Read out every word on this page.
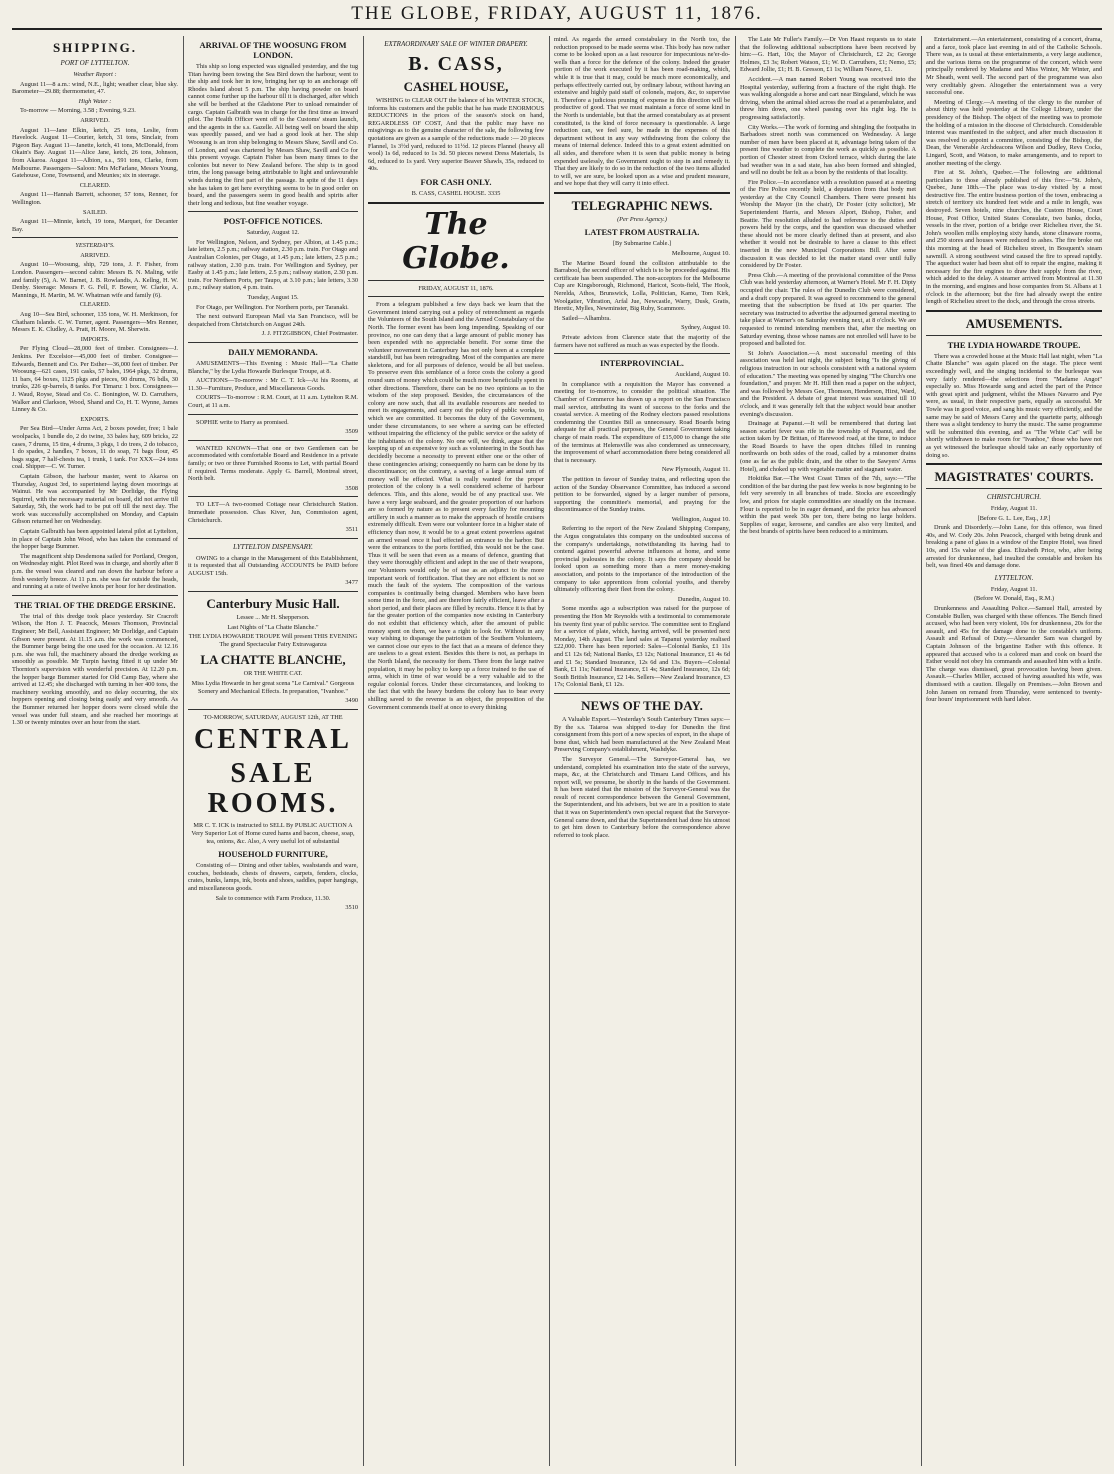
THE GLOBE, FRIDAY, AUGUST 11, 1876.
SHIPPING.
PORT OF LYTTELTON.

Weather Report :

August 11—8 a.m.: wind, N.E., light; weather clear, blue sky. Barometer—29.88; thermometer, 47.

High Water :

To-morrow — Morning, 3.58 ; Evening, 9.23.

ARRIVED.

August 11—Jane Elkin, ketch, 25 tons, Leslie, from Havelock. August 11—Courier, ketch, 31 tons, Sinclair, from Pigeon Bay. August 11—Janette, ketch, 41 tons, McDonald, from Okain's Bay. August 11—Alice Jane, ketch, 26 tons, Johnson, from Akaroa. August 11—Albion, s.s., 591 tons, Clarke, from Melbourne. Passengers—Saloon: Mrs McFarlane, Messrs Young, Gatehouse, Cone, Townsend, and Meunies; six in steerage.

CLEARED.

August 11—Hannah Barrett, schooner, 57 tons, Renner, for Wellington.

SAILED.

August 11—Minnie, ketch, 19 tons, Marquet, for Decanter Bay.

YESTERDAY'S.

ARRIVED.

August 10—Woosung, ship, 729 tons, J. F. Fisher, from London. Passengers—second cabin: Messrs B. N. Maling, wife and family (5), A. W. Barnet, J. B. Rowlandis, A. Kellng, H. W. Denby. Steerage: Messrs F. G. Fell, F. Bower, W. Clarke, A. Mannings, H. Martin, M. W. Whatman wife and family (6).

CLEARED.

Aug 10—Sea Bird, schooner, 135 tons, W. H. Merkinson, for Chatham Islands. C. W. Turner, agent. Passengers—Mrs Renner, Messrs E. K. Cludley, A. Pratt, H. Moore, M. Sherwin.

IMPORTS.

Per Flying Cloud—28,000 feet of timber. Consignees—J. Jenkins. Per Excelsior—45,000 feet of timber. Consignee—Edwards, Bennett and Co. Per Esther—36,000 feet of timber. Per Woosung—621 cases, 191 casks, 57 bales, 1964 pkgs, 32 drums, 11 bars, 64 boxes, 1125 pkgs and pieces, 90 drums, 76 bdls, 30 trunks, 226 qr-barrels, 8 tanks. For Timaru: 1 box. Consignees—J. Waud, Royse, Stead and Co. C. Bonington, W. D. Carruthers, Walker and Clarkson, Wood, Shand and Co, H. T. Wynne, James Linney & Co.

EXPORTS.

Per Sea Bird—Under Arms Act, 2 boxes powder, free; 1 bale woolpacks, 1 bundle do, 2 do twine, 33 bales hay, 609 bricks, 22 cases, 7 drums, 15 tins, 4 drums, 3 pkgs, 1 do trees, 2 do tobacco, 1 do spades, 2 handles, 7 boxes, 11 do soap, 71 bags flour, 45 bags sugar, 7 half-chests tea, 1 trunk, 1 tank. For XXX—24 tons coal. Shipper—C. W. Turner.

Captain Gibson, the harbour master, went to Akaroa on Thursday, August 3rd, to superintend laying down moorings at Wainui. He was accompanied by Mr Dorlidge, the Flying Squirrel, with the necessary material on board, did not arrive till Saturday, 5th, the work had to be put off till the next day. The work was successfully accomplished on Monday, and Captain Gibson returned her on Wednesday.

Captain Galbraith has been appointed lateral pilot at Lyttelton, in place of Captain John Wood, who has taken the command of the hopper barge Bummer.

The magnificent ship Desdemona sailed for Portland, Oregon, on Wednesday night. Pilot Reed was in charge, and shortly after 8 p.m. the vessel was cleared and ran down the harbour before a fresh westerly breeze. At 11 p.m. she was far outside the heads, and running at a rate of twelve knots per hour for her destination.

THE TRIAL OF THE DREDGE ERSKINE.

The trial of this dredge took place yesterday. Sir Cracroft Wilson, the Hon J. T. Peacock, Messrs Thomson, Provincial Engineer; Mr Bell, Assistant Engineer; Mr Dorlidge, and Captain Gibson were present. At 11.15 a.m. the work was commenced, the Bummer barge being the one used for the occasion. At 12.16 p.m. she was full, the machinery aboard the dredge working as smoothly as possible. Mr Turpin having fitted it up under Mr Thornton's supervision with wonderful precision. At 12.20 p.m. the hopper barge Bummer started for Old Camp Bay, where she arrived at 12.45; she discharged with turning in her 400 tons, the machinery working smoothly, and no delay occurring, the six hoppers opening and closing being easily and very smooth. As the Bummer returned her hopper doors were closed while the vessel was under full steam, and she reached her moorings at 1.30 or twenty minutes over an hour from the start.

ARRIVAL OF THE WOOSUNG FROM LONDON.

This ship so long expected was signalled yesterday, and the tug Titan having been towing the Sea Bird down the harbour, went to the ship and took her in tow, bringing her up to an anchorage off Rhodes Island about 5 p.m. The ship having powder on board cannot come further up the harbour till it is discharged, after which she will be berthed at the Gladstone Pier to unload remainder of cargo. Captain Galbraith was in charge for the first time as inward pilot. The Health Officer went off to the Customs' steam launch, and the agents in the s.s. Gazelle. All being well on board the ship was speedily passed, and we had a good look at her. The ship Woosung is an iron ship belonging to Messrs Shaw, Savill and Co. of London, and was chartered by Messrs Shaw, Savill and Co for this present voyage. Captain Fisher has been many times to the colonies but never to New Zealand before. The ship is in good trim, the long passage being attributable to light and unfavourable winds during the first part of the passage. In spite of the 11 days she has taken to get here everything seems to be in good order on board, and the passengers seem in good health and spirits after their long and tedious, but fine weather voyage.

POST-OFFICE NOTICES.

Saturday, August 12.

For Wellington, Nelson, and Sydney, per Albion, at 1.45 p.m.; late letters, 2.5 p.m.; railway station, 2.30 p.m. train. For Otago and Australian Colonies, per Otago, at 1.45 p.m.; late letters, 2.5 p.m.; railway station, 2.30 p.m. train. For Wellington and Sydney, per Easby at 1.45 p.m.; late letters, 2.5 p.m.; railway station, 2.30 p.m. train. For Northern Ports, per Taupo, at 3.10 p.m.; late letters, 3.30 p.m.; railway station, 4 p.m. train.

Tuesday, August 15.

For Otago, per Wellington. For Northern ports, per Taranaki.

The next outward European Mail via San Francisco, will be despatched from Christchurch on August 24th.

J. J. FITZGIBBON, Chief Postmaster.

DAILY MEMORANDA.

AMUSEMENTS—This Evening : Music Hall—"La Chatte Blanche," by the Lydia Howarde Burlesque Troupe, at 8.

AUCTIONS—To-morrow : Mr C. T. Ick—At his Rooms, at 11.30—Furniture, Produce, and Miscellaneous Goods.

COURTS—To-morrow : R.M. Court, at 11 a.m. Lyttelton R.M. Court, at 11 a.m.

SOPHIE write to Harry as promised.

3509

WANTED KNOWN—That one or two Gentlemen can be accommodated with comfortable Board and Residence in a private family; or two or three Furnished Rooms to Let, with partial Board if required. Terms moderate. Apply G. Barrell, Montreal street, North belt.

3508

TO LET—A two-roomed Cottage near Christchurch Station. Immediate possession. Chas Kiver, Jun, Commission agent, Christchurch.

3511

LYTTELTON DISPENSARY.

OWING to a change in the Management of this Establishment, it is requested that all Outstanding ACCOUNTS be PAID before AUGUST 15th.

3477

Canterbury Music Hall.

Lessee ... Mr H. Shepperson.

Last Nights of "La Chatte Blanche."

THE LYDIA HOWARDE TROUPE Will present THIS EVENING The grand Spectacular Fairy Extravaganza

LA CHATTE BLANCHE,

OR THE WHITE CAT.

Miss Lydia Howarde in her great scena "Le Carnival." Gorgeous Scenery and Mechanical Effects. In preparation, "Ivanhoe."

3490

TO-MORROW, SATURDAY, AUGUST 12th, AT THE

CENTRAL
SALE ROOMS.

MR C. T. ICK is instructed to SELL By PUBLIC AUCTION A Very Superior Lot of Home cured hams and bacon, cheese, soap, tea, onions, &c. Also, A very useful lot of substantial

HOUSEHOLD FURNITURE,

Consisting of— Dining and other tables, washstands and ware, couches, bedsteads, chests of drawers, carpets, fenders, clocks, crates, bunks, lamps, ink, boots and shoes, saddles, paper hangings, and miscellaneous goods.

Sale to commence with Farm Produce, 11.30.

3510

EXTRAORDINARY SALE OF WINTER DRAPERY.
B. CASS,
CASHEL HOUSE,

WISHING to CLEAR OUT the balance of his WINTER STOCK, informs his customers and the public that he has made ENORMOUS REDUCTIONS in the prices of the season's stock on hand, REGARDLESS OF COST, And that the public may have no misgivings as to the genuine character of the sale, the following few quotations are given as a sample of the reductions made :— 20 pieces Flannel, 1s 3½d yard, reduced to 11½d. 12 pieces Flannel (heavy all wool) 1s 6d, reduced to 1s 3d. 50 pieces newest Dress Materials, 1s 6d, reduced to 1s yard. Very superior Beaver Shawls, 35s, reduced to 40s.

FOR CASH ONLY.

B. CASS, CASHEL HOUSE. 3335

The Globe.

FRIDAY, AUGUST 11, 1876.

From a telegram published a few days back we learn that the Government intend carrying out a policy of retrenchment as regards the Volunteers of the South Island and the Armed Constabulary of the North. The former event has been long impending. Speaking of our province, no one can deny that a large amount of public money has been expended with no appreciable benefit. For some time the volunteer movement in Canterbury has not only been at a complete standstill, but has been retrograding. Most of the companies are mere skeletons, and for all purposes of defence, would be all but useless. To preserve even this semblance of a force costs the colony a good round sum of money which could be much more beneficially spent in other directions. Therefore, there can be no two opinions as to the wisdom of the step proposed. Besides, the circumstances of the colony are now such, that all its available resources are needed to meet its engagements, and carry out the policy of public works, to which we are committed. It becomes the duty of the Government, under these circumstances, to see where a saving can be effected without impairing the efficiency of the public service or the safety of the inhabitants of the colony. No one will, we think, argue that the keeping up of an expensive toy such as volunteering in the South has decidedly become a necessity to prevent either one or the other of these contingencies arising; consequently no harm can be done by its discontinuance; on the contrary, a saving of a large annual sum of money will be effected. What is really wanted for the proper protection of the colony is a well considered scheme of harbour defences. This, and this alone, would be of any practical use. We have a very large seaboard, and the greater proportion of our harbors are so formed by nature as to present every facility for mounting artillery in such a manner as to make the approach of hostile cruisers extremely difficult. Even were our volunteer force in a higher state of efficiency than now, it would be to a great extent powerless against an armed vessel once it had effected an entrance to the harbor. But were the entrances to the ports fortified, this would not be the case. Thus it will be seen that even as a means of defence, granting that they were thoroughly efficient and adept in the use of their weapons, our Volunteers would only be of use as an adjunct to the more important work of fortification. That they are not efficient is not so much the fault of the system. The composition of the various companies is continually being changed. Members who have been some time in the force, and are therefore fairly efficient, leave after a short period, and their places are filled by recruits. Hence it is that by far the greater portion of the companies now existing in Canterbury do not exhibit that efficiency which, after the amount of public money spent on them, we have a right to look for. Without in any way wishing to disparage the patriotism of the Southern Volunteers, we cannot close our eyes to the fact that as a means of defence they are useless to a great extent. Besides this there is not, as perhaps in the North Island, the necessity for them. There from the large native population, it may be policy to keep up a force trained to the use of arms, which in time of war would be a very valuable aid to the regular colonial forces. Under these circumstances, and looking to the fact that with the heavy burdens the colony has to bear every shilling saved to the revenue is an object, the proposition of the Government commends itself at once to every thinking

mind. As regards the armed constabulary in the North too, the reduction proposed to be made seems wise. This body has now rather come to be looked upon as a last resource for impecunious ne'er-do-wells than a force for the defence of the colony. Indeed the greater portion of the work executed by it has been road-making, which, while it is true that it may, could be much more economically, and perhaps effectively carried out, by ordinary labour, without having an extensive and highly paid staff of colonels, majors, &c, to supervise it. Therefore a judicious pruning of expense in this direction will be productive of good. That we must maintain a force of some kind in the North is undeniable, but that the armed constabulary as at present constituted, is the kind of force necessary is questionable. A large reduction can, we feel sure, be made in the expenses of this department without in any way withdrawing from the colony the means of internal defence. Indeed this to a great extent admitted on all sides, and therefore when it is seen that public money is being expended uselessly, the Government ought to step in and remedy it. That they are likely to do so in the reduction of the two items alluded to will, we are sure, be looked upon as a wise and prudent measure, and we hope that they will carry it into effect.

TELEGRAPHIC NEWS.

(Per Press Agency.)

LATEST FROM AUSTRALIA.

[By Submarine Cable.]

Melbourne, August 10.

The Marine Board found the collision attributable to the Barrabool, the second officer of which is to be proceeded against. His certificate has been suspended. The non-acceptors for the Melbourne Cup are Kingsborough, Richmond, Haricot, Scots-field, The Hook, Nerelda, Athos, Brunswick, Lolla, Politician, Kamo, Tom Kirk, Woolgatier, Vibration, Arfal Jue, Newcastle, Warry, Dusk, Gratis, Heretic, Mylles, Newminster, Big Ruby, Scammore.

Sailed—Alhambra.

Sydney, August 10.

Private advices from Clarence state that the majority of the farmers have not suffered as much as was expected by the floods.

INTERPROVINCIAL.

Auckland, August 10.

In compliance with a requisition the Mayor has convened a meeting for to-morrow, to consider the political situation. The Chamber of Commerce has drawn up a report on the San Francisco mail service, attributing its want of success to the forks and the coastal service. A meeting of the Rodney electors passed resolutions condemning the Counties Bill as unnecessary. Road Boards being adequate for all practical purposes, the General Government taking charge of main roads. The expenditure of £15,000 to change the site of the terminus at Helensville was also condemned as unnecessary, the improvement of wharf accommodation there being considered all that is necessary.

New Plymouth, August 11.

The petition in favour of Sunday trains, and reflecting upon the action of the Sunday Observance Committee, has induced a second petition to be forwarded, signed by a larger number of persons, supporting the committee's memorial, and praying for the discontinuance of the Sunday trains.

Wellington, August 10.

Referring to the report of the New Zealand Shipping Company, the Argus congratulates this company on the undoubted success of the company's undertakings, notwithstanding its having had to contend against powerful adverse influences at home, and some provincial jealousies in the colony. It says the company should be looked upon as something more than a mere money-making association, and points to the importance of the introduction of the company to take apprentices from colonial youths, and thereby ultimately officering their fleet from the colony.

Dunedin, August 10.

Some months ago a subscription was raised for the purpose of presenting the Hon Mr Reynolds with a testimonial to commemorate his twenty first year of public service. The committee sent to England for a service of plate, which, having arrived, will be presented next Monday, 14th August. The land sales at Tapanui yesterday realised £22,000. There has been reported: Sales—Colonial Banks, £1 11s and £1 12s 6d; National Banks, £3 12s; National Insurance, £1 4s 6d and £1 5s; Standard Insurance, 12s 6d and 13s. Buyers—Colonial Bank, £1 11s; National Insurance, £1 4s; Standard Insurance, 12s 6d; South British Insurance, £2 14s. Sellers—New Zealand Insurance, £3 17s; Colonial Bank, £1 12s.

NEWS OF THE DAY.

A Valuable Export.—Yesterday's South Canterbury Times says:—By the s.s. Taiaroa was shipped to-day for Dunedin the first consignment from this port of a new species of export, in the shape of bone dust, which had been manufactured at the New Zealand Meat Preserving Company's establishment, Washdyke.

The Surveyor General.—The Surveyor-General has, we understand, completed his examination into the state of the surveys, maps, &c, at the Christchurch and Timaru Land Offices, and his report will, we presume, be shortly in the hands of the Government. It has been stated that the mission of the Surveyor-General was the result of recent correspondence between the General Government, the Superintendent, and his advisers, but we are in a position to state that it was on Superintendent's own special request that the Surveyor-General came down, and that the Superintendent had done his utmost to get him down to Canterbury before the correspondence above referred to took place.

The Late Mr Fuller's Family.—Dr Von Haast requests us to state that the following additional subscriptions have been received by him:—G. Hart, 10s; the Mayor of Christchurch, £2 2s; George Holmes, £3 3s; Robert Watson, £1; W. D. Carruthers, £1; Nemo, £5; Edward Jollie, £1; H. B. Gresson, £1 1s; William Neave, £1.

Accident.—A man named Robert Young was received into the Hospital yesterday, suffering from a fracture of the right thigh. He was walking alongside a horse and cart near Bingsland, which he was driving, when the animal shied across the road at a perambulator, and threw him down, one wheel passing over his right leg. He is progressing satisfactorily.

City Works.—The work of forming and shingling the footpaths in Barbadoes street north was commenced on Wednesday. A large number of men have been placed at it, advantage being taken of the present fine weather to complete the work as quickly as possible. A portion of Chester street from Oxford terrace, which during the late bad weather was in a sad state, has also been formed and shingled, and will no doubt be felt as a boon by the residents of that locality.

Fire Police.—In accordance with a resolution passed at a meeting of the Fire Police recently held, a deputation from that body met yesterday at the City Council Chambers. There were present his Worship the Mayor (in the chair), Dr Foster (city solicitor), Mr Superintendent Harris, and Messrs Alport, Bishop, Fisher, and Beattie. The resolution alluded to had reference to the duties and powers held by the corps, and the question was discussed whether these should not be more clearly defined than at present, and also whether it would not be desirable to have a clause to this effect inserted in the new Municipal Corporations Bill. After some discussion it was decided to let the matter stand over until fully considered by Dr Foster.

Press Club.—A meeting of the provisional committee of the Press Club was held yesterday afternoon, at Warner's Hotel. Mr F. H. Dipty occupied the chair. The rules of the Dunedin Club were considered, and a draft copy prepared. It was agreed to recommend to the general meeting that the subscription be fixed at 10s per quarter. The secretary was instructed to advertise the adjourned general meeting to take place at Warner's on Saturday evening next, at 8 o'clock. We are requested to remind intending members that, after the meeting on Saturday evening, those whose names are not enrolled will have to be proposed and balloted for.

St John's Association.—A most successful meeting of this association was held last night, the subject being "Is the giving of religious instruction in our schools consistent with a national system of education." The meeting was opened by singing "The Church's one foundation," and prayer. Mr H. Hill then read a paper on the subject, and was followed by Messrs Gee, Thomson, Henderson, Hirst, Ward, and the President. A debate of great interest was sustained till 10 o'clock, and it was generally felt that the subject would bear another evening's discussion.

Drainage at Papanui.—It will be remembered that during last season scarlet fever was rife in the township of Papanui, and the action taken by Dr Brittan, of Harewood road, at the time, to induce the Road Boards to have the open ditches filled in running northwards on both sides of the road, called by a misnomer drains (one as far as the public drain, and the other to the Sawyers' Arms Hotel), and choked up with vegetable matter and stagnant water.

Hokitika Bar.—The West Coast Times of the 7th, says:—"The condition of the bar during the past few weeks is now beginning to be felt very severely in all branches of trade. Stocks are exceedingly low, and prices for staple commodities are steadily on the increase. Flour is reported to be in eager demand, and the price has advanced within the past week 30s per ton, there being no large holders. Supplies of sugar, kerosene, and candles are also very limited, and the best brands of spirits have been reduced to a minimum.

Entertainment.—An entertainment, consisting of a concert, drama, and a farce, took place last evening in aid of the Catholic Schools. There was, as is usual at these entertainments, a very large audience, and the various items on the programme of the concert, which were principally rendered by Madame and Miss Winter, Mr Winter, and Mr Sheath, went well. The second part of the programme was also very creditably given. Altogether the entertainment was a very successful one.

Meeting of Clergy.—A meeting of the clergy to the number of about thirty was held yesterday at the College Library, under the presidency of the Bishop. The object of the meeting was to promote the holding of a mission in the diocese of Christchurch. Considerable interest was manifested in the subject, and after much discussion it was resolved to appoint a committee, consisting of the Bishop, the Dean, the Venerable Archdeacons Wilson and Dudley, Revs Cocks, Lingard, Scott, and Watson, to make arrangements, and to report to another meeting of the clergy.

Fire at St. John's, Quebec.—The following are additional particulars to those already published of this fire:—"St. John's, Quebec, June 18th.—The place was to-day visited by a most destructive fire. The entire business portion of the town, embracing a stretch of territory six hundred feet wide and a mile in length, was destroyed. Seven hotels, nine churches, the Custom House, Court House, Post Office, United States Consulate, two banks, docks, vessels in the river, portion of a bridge over Richelieu river, the St. John's woollen mills employing sixty hands, stone clinaware rooms, and 250 stores and houses were reduced to ashes. The fire broke out this morning at the head of Richelieu street, in Bosquent's steam sawmill. A strong southwest wind caused the fire to spread rapidly. The aqueduct water had been shut off to repair the engine, making it necessary for the fire engines to draw their supply from the river, which added to the delay. A steamer arrived from Montreal at 11.30 in the morning, and engines and hose companies from St. Albans at 1 o'clock in the afternoon; but the fire had already swept the entire length of Richelieu street to the dock, and through the cross streets.

AMUSEMENTS.
THE LYDIA HOWARDE TROUPE.

There was a crowded house at the Music Hall last night, when "La Chatte Blanche" was again placed on the stage. The piece went exceedingly well, and the singing incidental to the burlesque was very fairly rendered—the selections from "Madame Angot" especially so. Miss Howarde sang and acted the part of the Prince with great spirit and judgment, whilst the Misses Navarro and Pye were, as usual, in their respective parts, equally as successful. Mr Towle was in good voice, and sang his music very efficiently, and the same may be said of Messrs Carey and the quartette party, although there was a slight tendency to hurry the music. The same programme will be submitted this evening, and as "The White Cat" will be shortly withdrawn to make room for "Ivanhoe," those who have not as yet witnessed the burlesque should take an early opportunity of doing so.

MAGISTRATES' COURTS.
CHRISTCHURCH.

Friday, August 11.

[Before G. L. Lee, Esq., J.P.]

Drunk and Disorderly.—John Lane, for this offence, was fined 40s, and W. Cody 20s. John Peacock, charged with being drunk and breaking a pane of glass in a window of the Empire Hotel, was fined 10s, and 15s value of the glass. Elizabeth Price, who, after being arrested for drunkenness, had insulted the constable and broken his belt, was fined 40s and damage done.

LYTTELTON.

Friday, August 11.

(Before W. Donald, Esq., R.M.)

Drunkenness and Assaulting Police.—Samuel Hall, arrested by Constable Bullen, was charged with these offences. The Bench fined accused, who had been very violent, 10s for drunkenness, 20s for the assault, and 45s for the damage done to the constable's uniform. Assault and Refusal of Duty.—Alexander Sam was charged by Captain Johnson of the brigantine Esther with this offence. It appeared that accused who is a colored man and cook on board the Esther would not obey his commands and assaulted him with a knife. The charge was dismissed, great provocation having been given. Assault.—Charles Miller, accused of having assaulted his wife, was dismissed with a caution. Illegally on Premises.—John Brown and John Jansen on remand from Thursday, were sentenced to twenty-four hours' imprisonment with hard labor.
